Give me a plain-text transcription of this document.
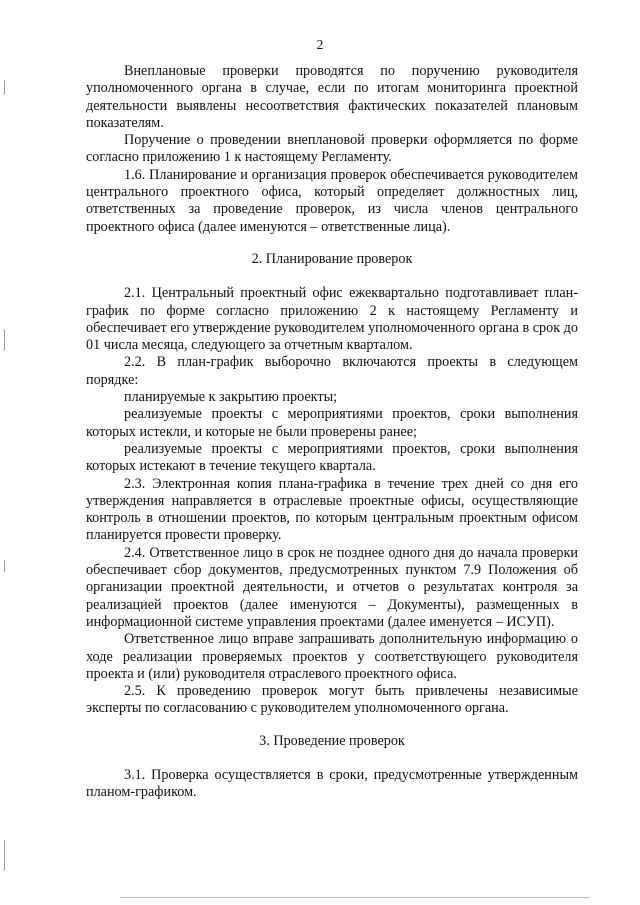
2

Внеплановые проверки проводятся по поручению руководителя уполномоченного органа в случае, если по итогам мониторинга проектной деятельности выявлены несоответствия фактических показателей плановым показателям.

Поручение о проведении внеплановой проверки оформляется по форме согласно приложению 1 к настоящему Регламенту.

1.6. Планирование и организация проверок обеспечивается руководителем центрального проектного офиса, который определяет должностных лиц, ответственных за проведение проверок, из числа членов центрального проектного офиса (далее именуются – ответственные лица).

2. Планирование проверок

2.1. Центральный проектный офис ежеквартально подготавливает план-график по форме согласно приложению 2 к настоящему Регламенту и обеспечивает его утверждение руководителем уполномоченного органа в срок до 01 числа месяца, следующего за отчетным кварталом.

2.2. В план-график выборочно включаются проекты в следующем порядке:

планируемые к закрытию проекты;

реализуемые проекты с мероприятиями проектов, сроки выполнения которых истекли, и которые не были проверены ранее;

реализуемые проекты с мероприятиями проектов, сроки выполнения которых истекают в течение текущего квартала.

2.3. Электронная копия плана-графика в течение трех дней со дня его утверждения направляется в отраслевые проектные офисы, осуществляющие контроль в отношении проектов, по которым центральным проектным офисом планируется провести проверку.

2.4. Ответственное лицо в срок не позднее одного дня до начала проверки обеспечивает сбор документов, предусмотренных пунктом 7.9 Положения об организации проектной деятельности, и отчетов о результатах контроля за реализацией проектов (далее именуются – Документы), размещенных в информационной системе управления проектами (далее именуется – ИСУП).

Ответственное лицо вправе запрашивать дополнительную информацию о ходе реализации проверяемых проектов у соответствующего руководителя проекта и (или) руководителя отраслевого проектного офиса.

2.5. К проведению проверок могут быть привлечены независимые эксперты по согласованию с руководителем уполномоченного органа.

3. Проведение проверок

3.1. Проверка осуществляется в сроки, предусмотренные утвержденным планом-графиком.
